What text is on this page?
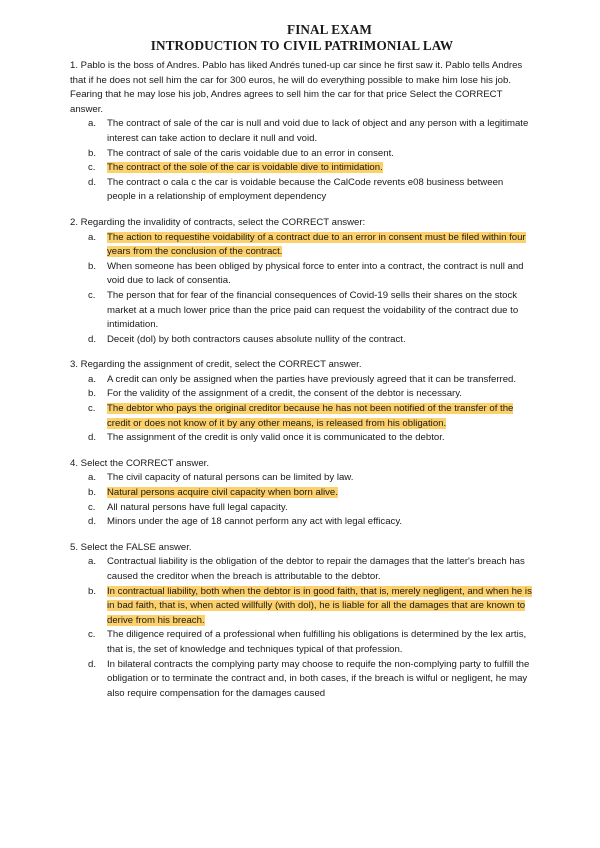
FINAL EXAM

INTRODUCTION TO CIVIL PATRIMONIAL LAW

1. Pablo is the boss of Andres. Pablo has liked Andrés tuned-up car since he first saw it. Pablo tells Andres that if he does not sell him the car for 300 euros, he will do everything possible to make him lose his job. Fearing that he may lose his job, Andres agrees to sell him the car for that price Select the CORRECT answer.

a.	The contract of sale of the car is null and void due to lack of object and any person with a legitimate interest can take action to declare it null and void.
b.	The contract of sale of the caris voidable due to an error in consent.
c.	The contract of the sole of the car is voidable dive to intimidation.
d.	The contract o cala c the car is voidable because the CalCode revents e08 business between people in a relationship of employment dependency

2. Regarding the invalidity of contracts, select the CORRECT answer:

a.	The action to requestihe voidability of a contract due to an error in consent must be filed within four years from the conclusion of the contract.
b.	When someone has been obliged by physical force to enter into a contract, the contract is null and void due to lack of consentia.
c.	The person that for fear of the financial consequences of Covid-19 sells their shares on the stock market at a much lower price than the price paid can request the voidability of the contract due to intimidation.
d.	Deceit (dol) by both contractors causes absolute nullity of the contract.

3. Regarding the assignment of credit, select the CORRECT answer.

a.	A credit can only be assigned when the parties have previously agreed that it can be transferred.
b.	For the validity of the assignment of a credit, the consent of the debtor is necessary.
c.	The debtor who pays the original creditor because he has not been notified of the transfer of the credit or does not know of it by any other means, is released from his obligation.
d.	The assignment of the credit is only valid once it is communicated to the debtor.

4. Select the CORRECT answer.

a.	The civil capacity of natural persons can be limited by law.
b.	Natural persons acquire civil capacity when born alive.
c.	All natural persons have full legal capacity.
d.	Minors under the age of 18 cannot perform any act with legal efficacy.

5. Select the FALSE answer.

a.	Contractual liability is the obligation of the debtor to repair the damages that the latter's breach has caused the creditor when the breach is attributable to the debtor.
b.	In contractual liability, both when the debtor is in good faith, that is, merely negligent, and when he is in bad faith, that is, when acted willfully (with dol), he is liable for all the damages that are known to derive from his breach.
c.	The diligence required of a professional when fulfilling his obligations is determined by the lex artis, that is, the set of knowledge and techniques typical of that profession.
d.	In bilateral contracts the complying party may choose to requife the non-complying party to fulfill the obligation or to terminate the contract and, in both cases, if the breach is wilful or negligent, he may also require compensation for the damages caused
